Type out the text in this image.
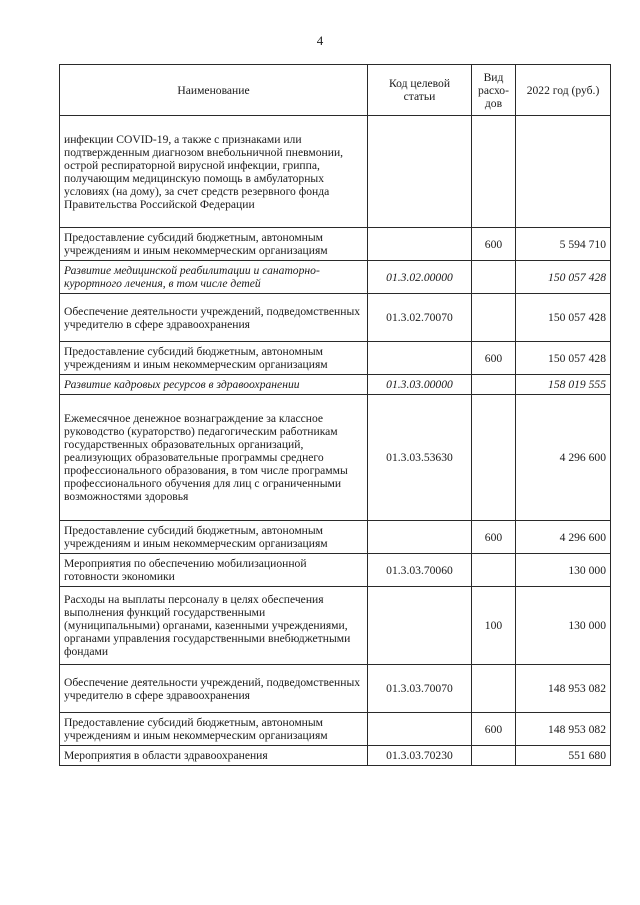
4
Наименование	Код целевой статьи	Вид расхо-дов	2022 год (руб.)
инфекции COVID-19, а также с признаками или подтвержденным диагнозом внебольничной пневмонии, острой респираторной вирусной инфекции, гриппа, получающим медицинскую помощь в амбулаторных условиях (на дому), за счет средств резервного фонда Правительства Российской Федерации			
Предоставление субсидий бюджетным, автономным учреждениям и иным некоммерческим организациям		600	5 594 710
Развитие медицинской реабилитации и санаторно-курортного лечения, в том числе детей	01.3.02.00000		150 057 428
Обеспечение деятельности учреждений, подведомственных учредителю в сфере здравоохранения	01.3.02.70070		150 057 428
Предоставление субсидий бюджетным, автономным учреждениям и иным некоммерческим организациям		600	150 057 428
Развитие кадровых ресурсов в здравоохранении	01.3.03.00000		158 019 555
Ежемесячное денежное вознаграждение за классное руководство (кураторство) педагогическим работникам государственных образовательных организаций, реализующих образовательные программы среднего профессионального образования, в том числе программы профессионального обучения для лиц с ограниченными возможностями здоровья	01.3.03.53630		4 296 600
Предоставление субсидий бюджетным, автономным учреждениям и иным некоммерческим организациям		600	4 296 600
Мероприятия по обеспечению мобилизационной готовности экономики	01.3.03.70060		130 000
Расходы на выплаты персоналу в целях обеспечения выполнения функций государственными (муниципальными) органами, казенными учреждениями, органами управления государственными внебюджетными фондами		100	130 000
Обеспечение деятельности учреждений, подведомственных учредителю в сфере здравоохранения	01.3.03.70070		148 953 082
Предоставление субсидий бюджетным, автономным учреждениям и иным некоммерческим организациям		600	148 953 082
Мероприятия в области здравоохранения	01.3.03.70230		551 680
